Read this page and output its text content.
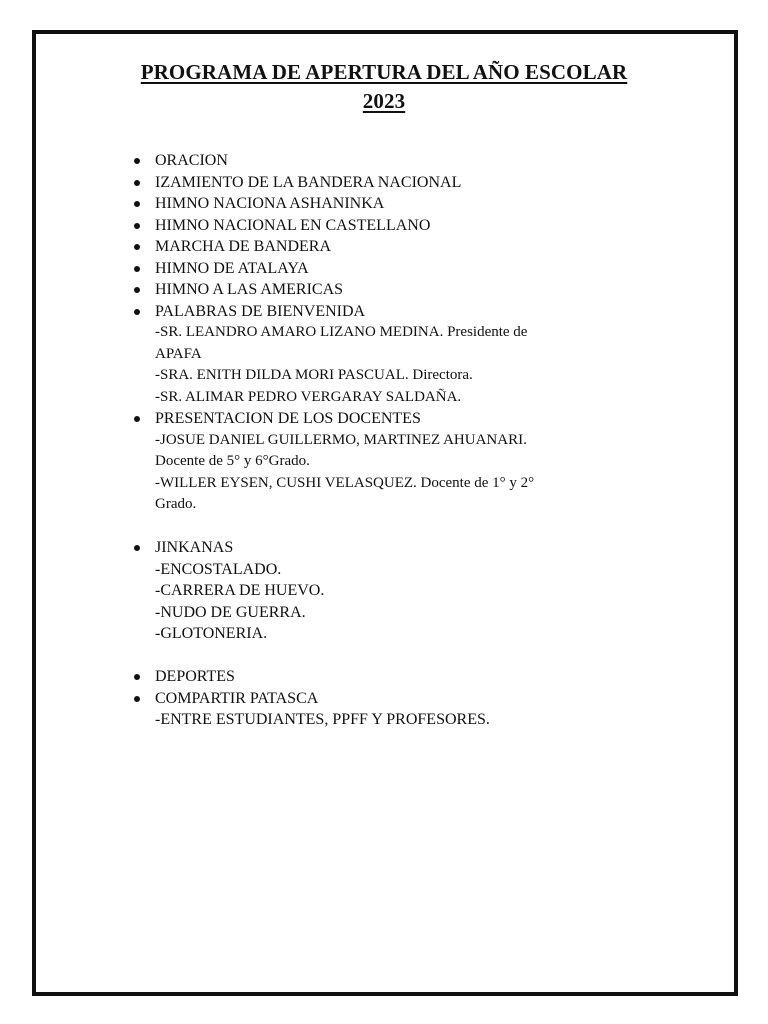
PROGRAMA DE APERTURA DEL AÑO ESCOLAR
2023
ORACION
IZAMIENTO DE LA BANDERA NACIONAL
HIMNO NACIONA ASHANINKA
HIMNO NACIONAL EN CASTELLANO
MARCHA DE BANDERA
HIMNO DE ATALAYA
HIMNO A LAS AMERICAS
PALABRAS DE BIENVENIDA
-SR. LEANDRO AMARO LIZANO MEDINA. Presidente de
APAFA
-SRA. ENITH DILDA MORI PASCUAL. Directora.
-SR. ALIMAR PEDRO VERGARAY SALDAÑA.
PRESENTACION DE LOS DOCENTES
-JOSUE DANIEL GUILLERMO, MARTINEZ AHUANARI.
Docente de 5° y 6°Grado.
-WILLER EYSEN, CUSHI VELASQUEZ. Docente de 1° y 2°
Grado.
JINKANAS
-ENCOSTALADO.
-CARRERA DE HUEVO.
-NUDO DE GUERRA.
-GLOTONERIA.
DEPORTES
COMPARTIR PATASCA
-ENTRE ESTUDIANTES, PPFF Y PROFESORES.
